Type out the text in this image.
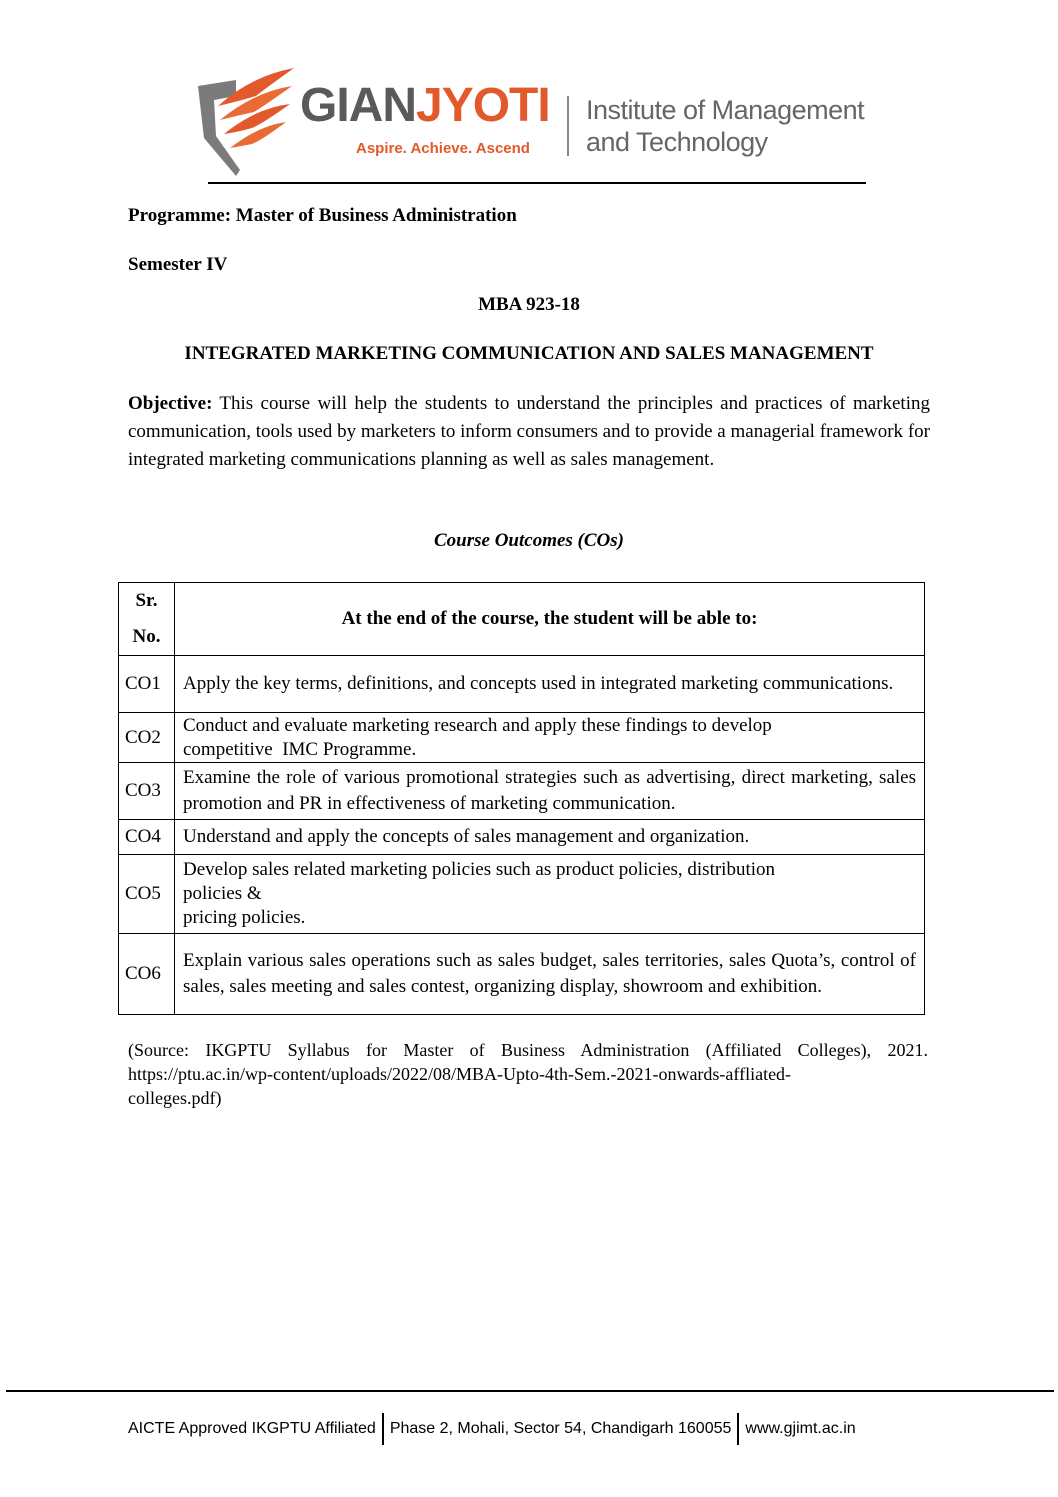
GIANJYOTI
Aspire. Achieve. Ascend
Institute of Management
and Technology
Programme: Master of Business Administration
Semester IV
MBA 923-18
INTEGRATED MARKETING COMMUNICATION AND SALES MANAGEMENT
Objective: This course will help the students to understand the principles and practices of marketing communication, tools used by marketers to inform consumers and to provide a managerial framework for integrated marketing communications planning as well as sales management.
Course Outcomes (COs)
Sr.
No.	At the end of the course, the student will be able to:
CO1	Apply the key terms, definitions, and concepts used in integrated marketing communications.
CO2	Conduct and evaluate marketing research and apply these findings to develop
competitive  IMC Programme.

CO3	Examine the role of various promotional strategies such as advertising, direct marketing, sales promotion and PR in effectiveness of marketing communication.
CO4	Understand and apply the concepts of sales management and organization.
CO5	Develop sales related marketing policies such as product policies, distribution
policies &
pricing policies.

CO6	Explain various sales operations such as sales budget, sales territories, sales Quota’s, control of sales, sales meeting and sales contest, organizing display, showroom and exhibition.
(Source: IKGPTU Syllabus for Master of Business Administration (Affiliated Colleges), 2021.
https://ptu.ac.in/wp-content/uploads/2022/08/MBA-Upto-4th-Sem.-2021-onwards-affliated-
colleges.pdf)
AICTE Approved IKGPTU Affiliated Phase 2, Mohali, Sector 54, Chandigarh 160055 www.gjimt.ac.in
